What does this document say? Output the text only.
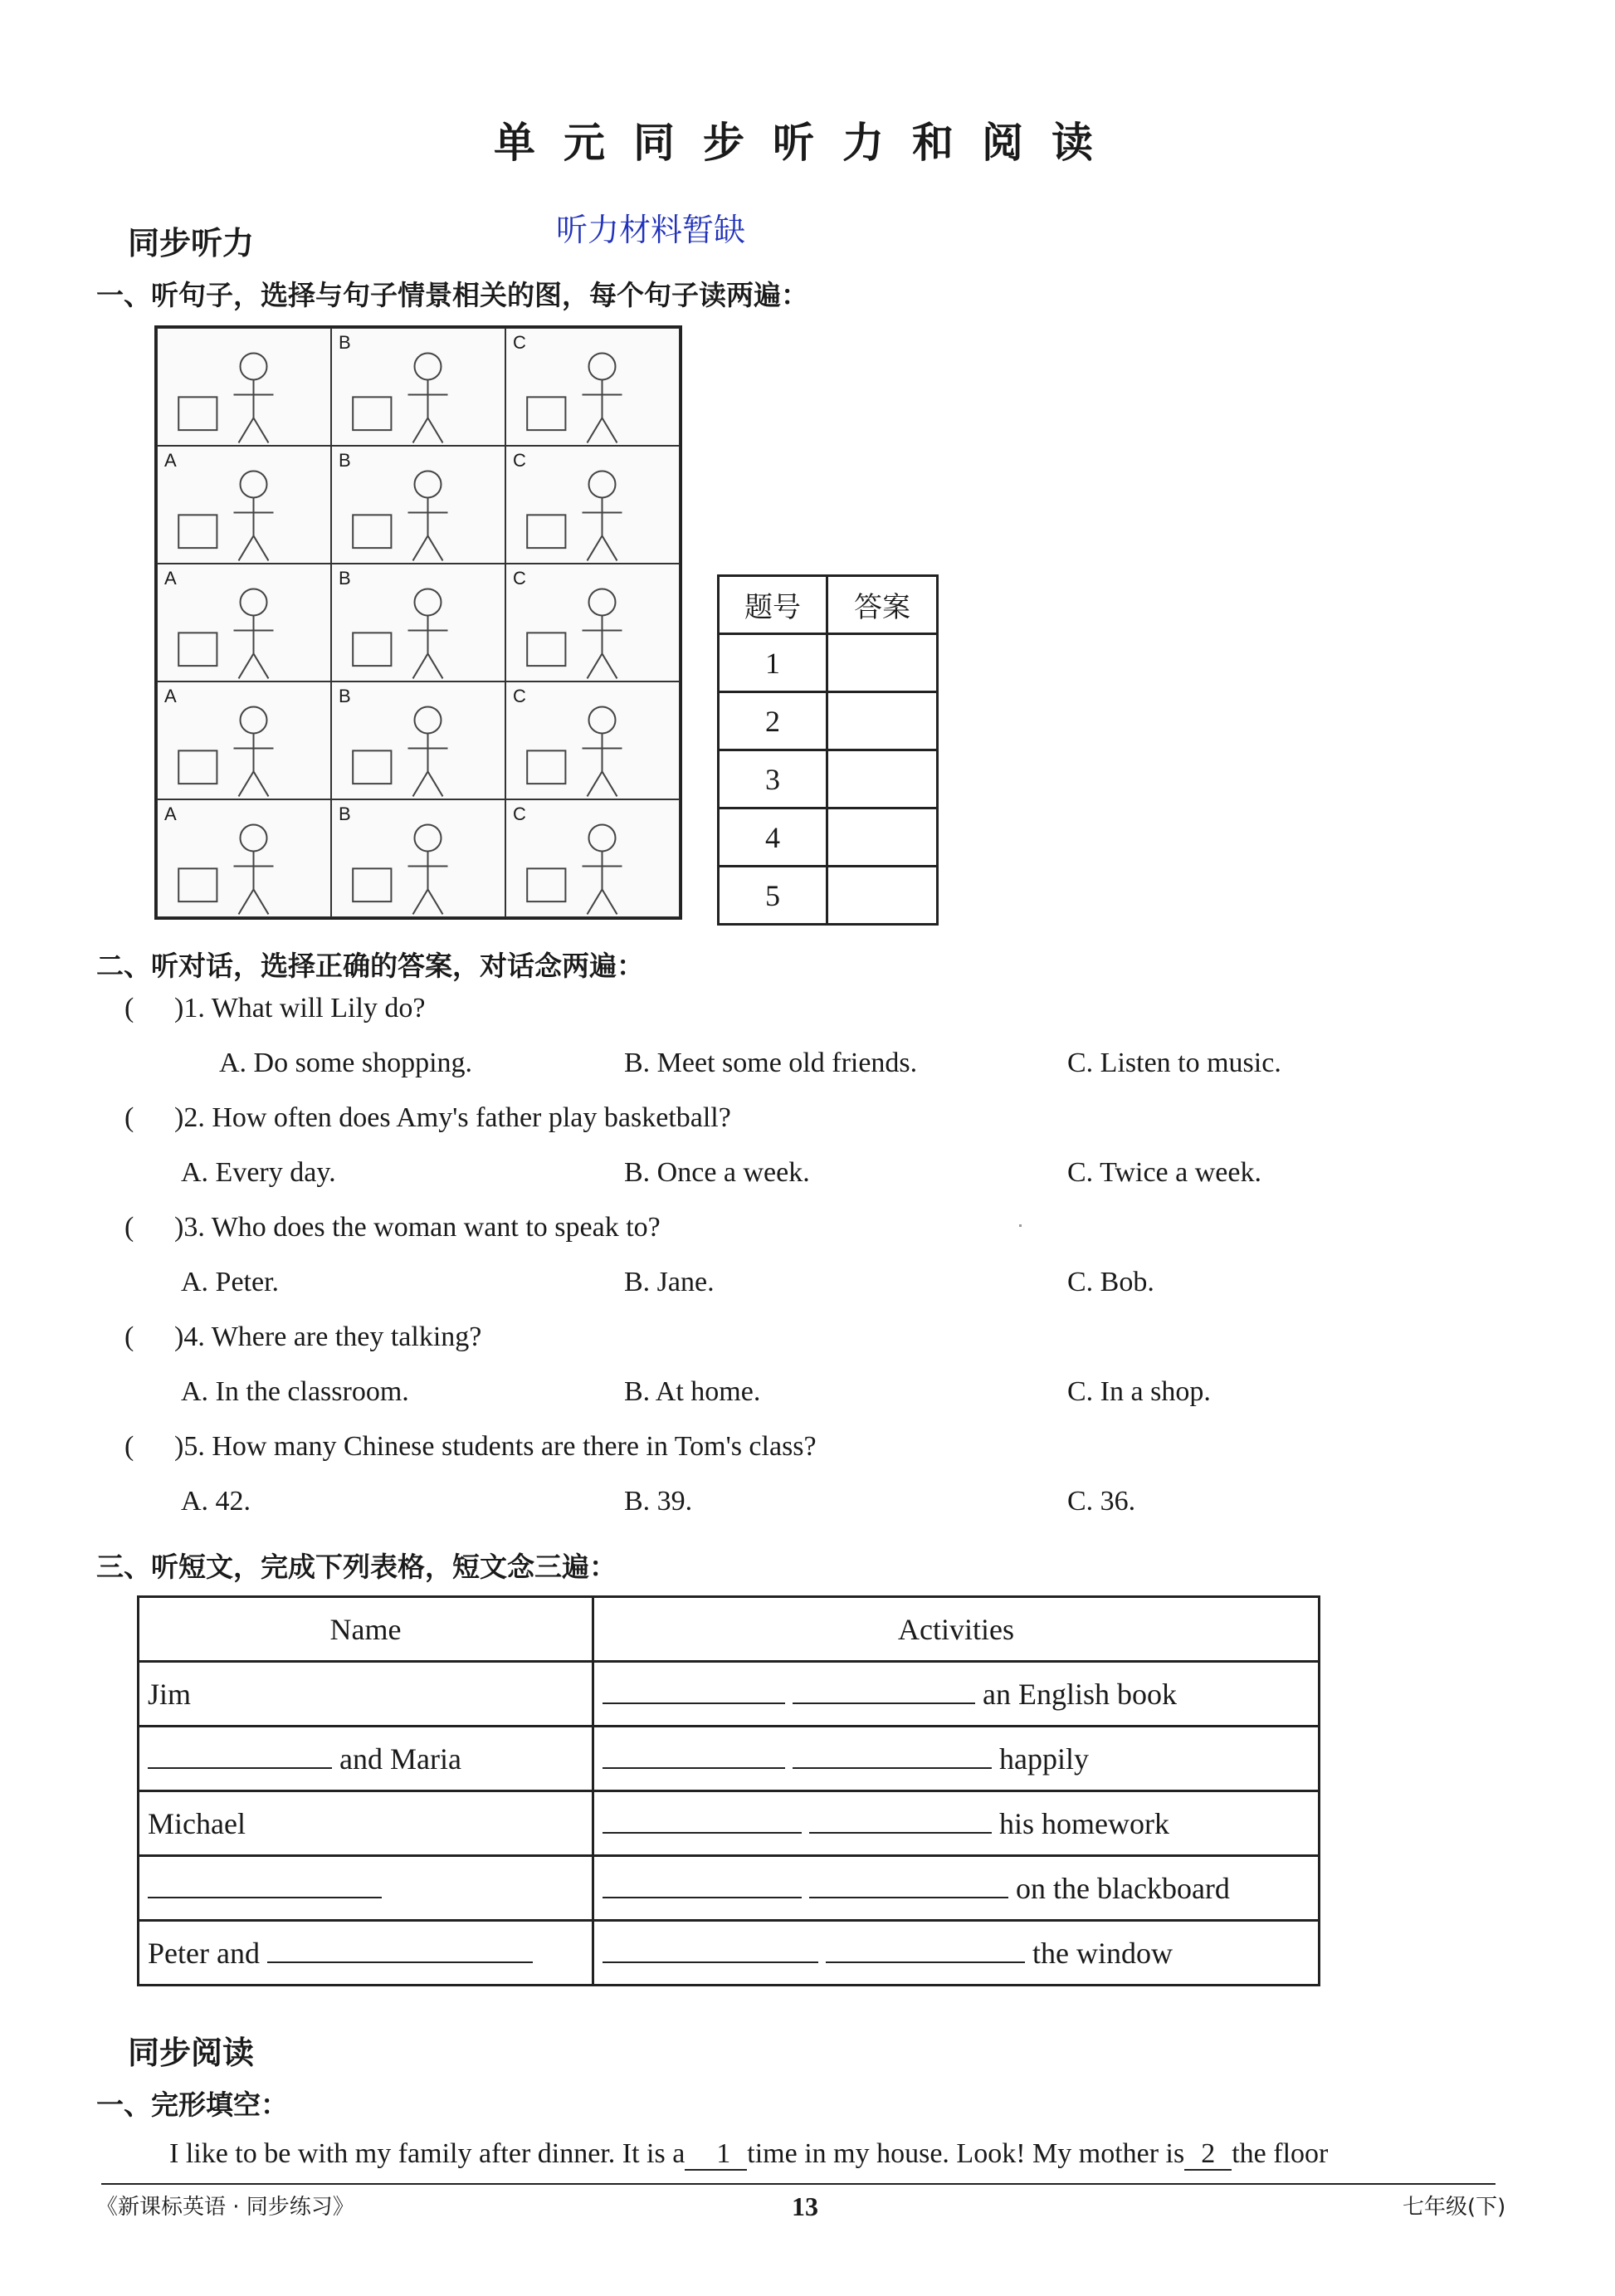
单元同步听力和阅读
听力材料暂缺
同步听力
一、听句子，选择与句子情景相关的图，每个句子读两遍：
B	C
A	B	C
A	B	C
A	B	C
A	B	C
题号	答案
1	
2	
3	
4	
5	
二、听对话，选择正确的答案，对话念两遍：
( )1. What will Lily do?
A. Do some shopping.	B. Meet some old friends.	C. Listen to music.
( )2. How often does Amy's father play basketball?
A. Every day.	B. Once a week.	C. Twice a week.
( )3. Who does the woman want to speak to?
A. Peter.	B. Jane.	C. Bob.
( )4. Where are they talking?
A. In the classroom.	B. At home.	C. In a shop.
( )5. How many Chinese students are there in Tom's class?
A. 42.	B. 39.	C. 36.
三、听短文，完成下列表格，短文念三遍：
Name	Activities
Jim	an English book
and Maria	happily
Michael	his homework
	on the blackboard
Peter and	the window
同步阅读
一、完形填空：
I like to be with my family after dinner. It is a 1 time in my house. Look! My mother is 2 the floor
《新课标英语 · 同步练习》	13	七年级(下)
